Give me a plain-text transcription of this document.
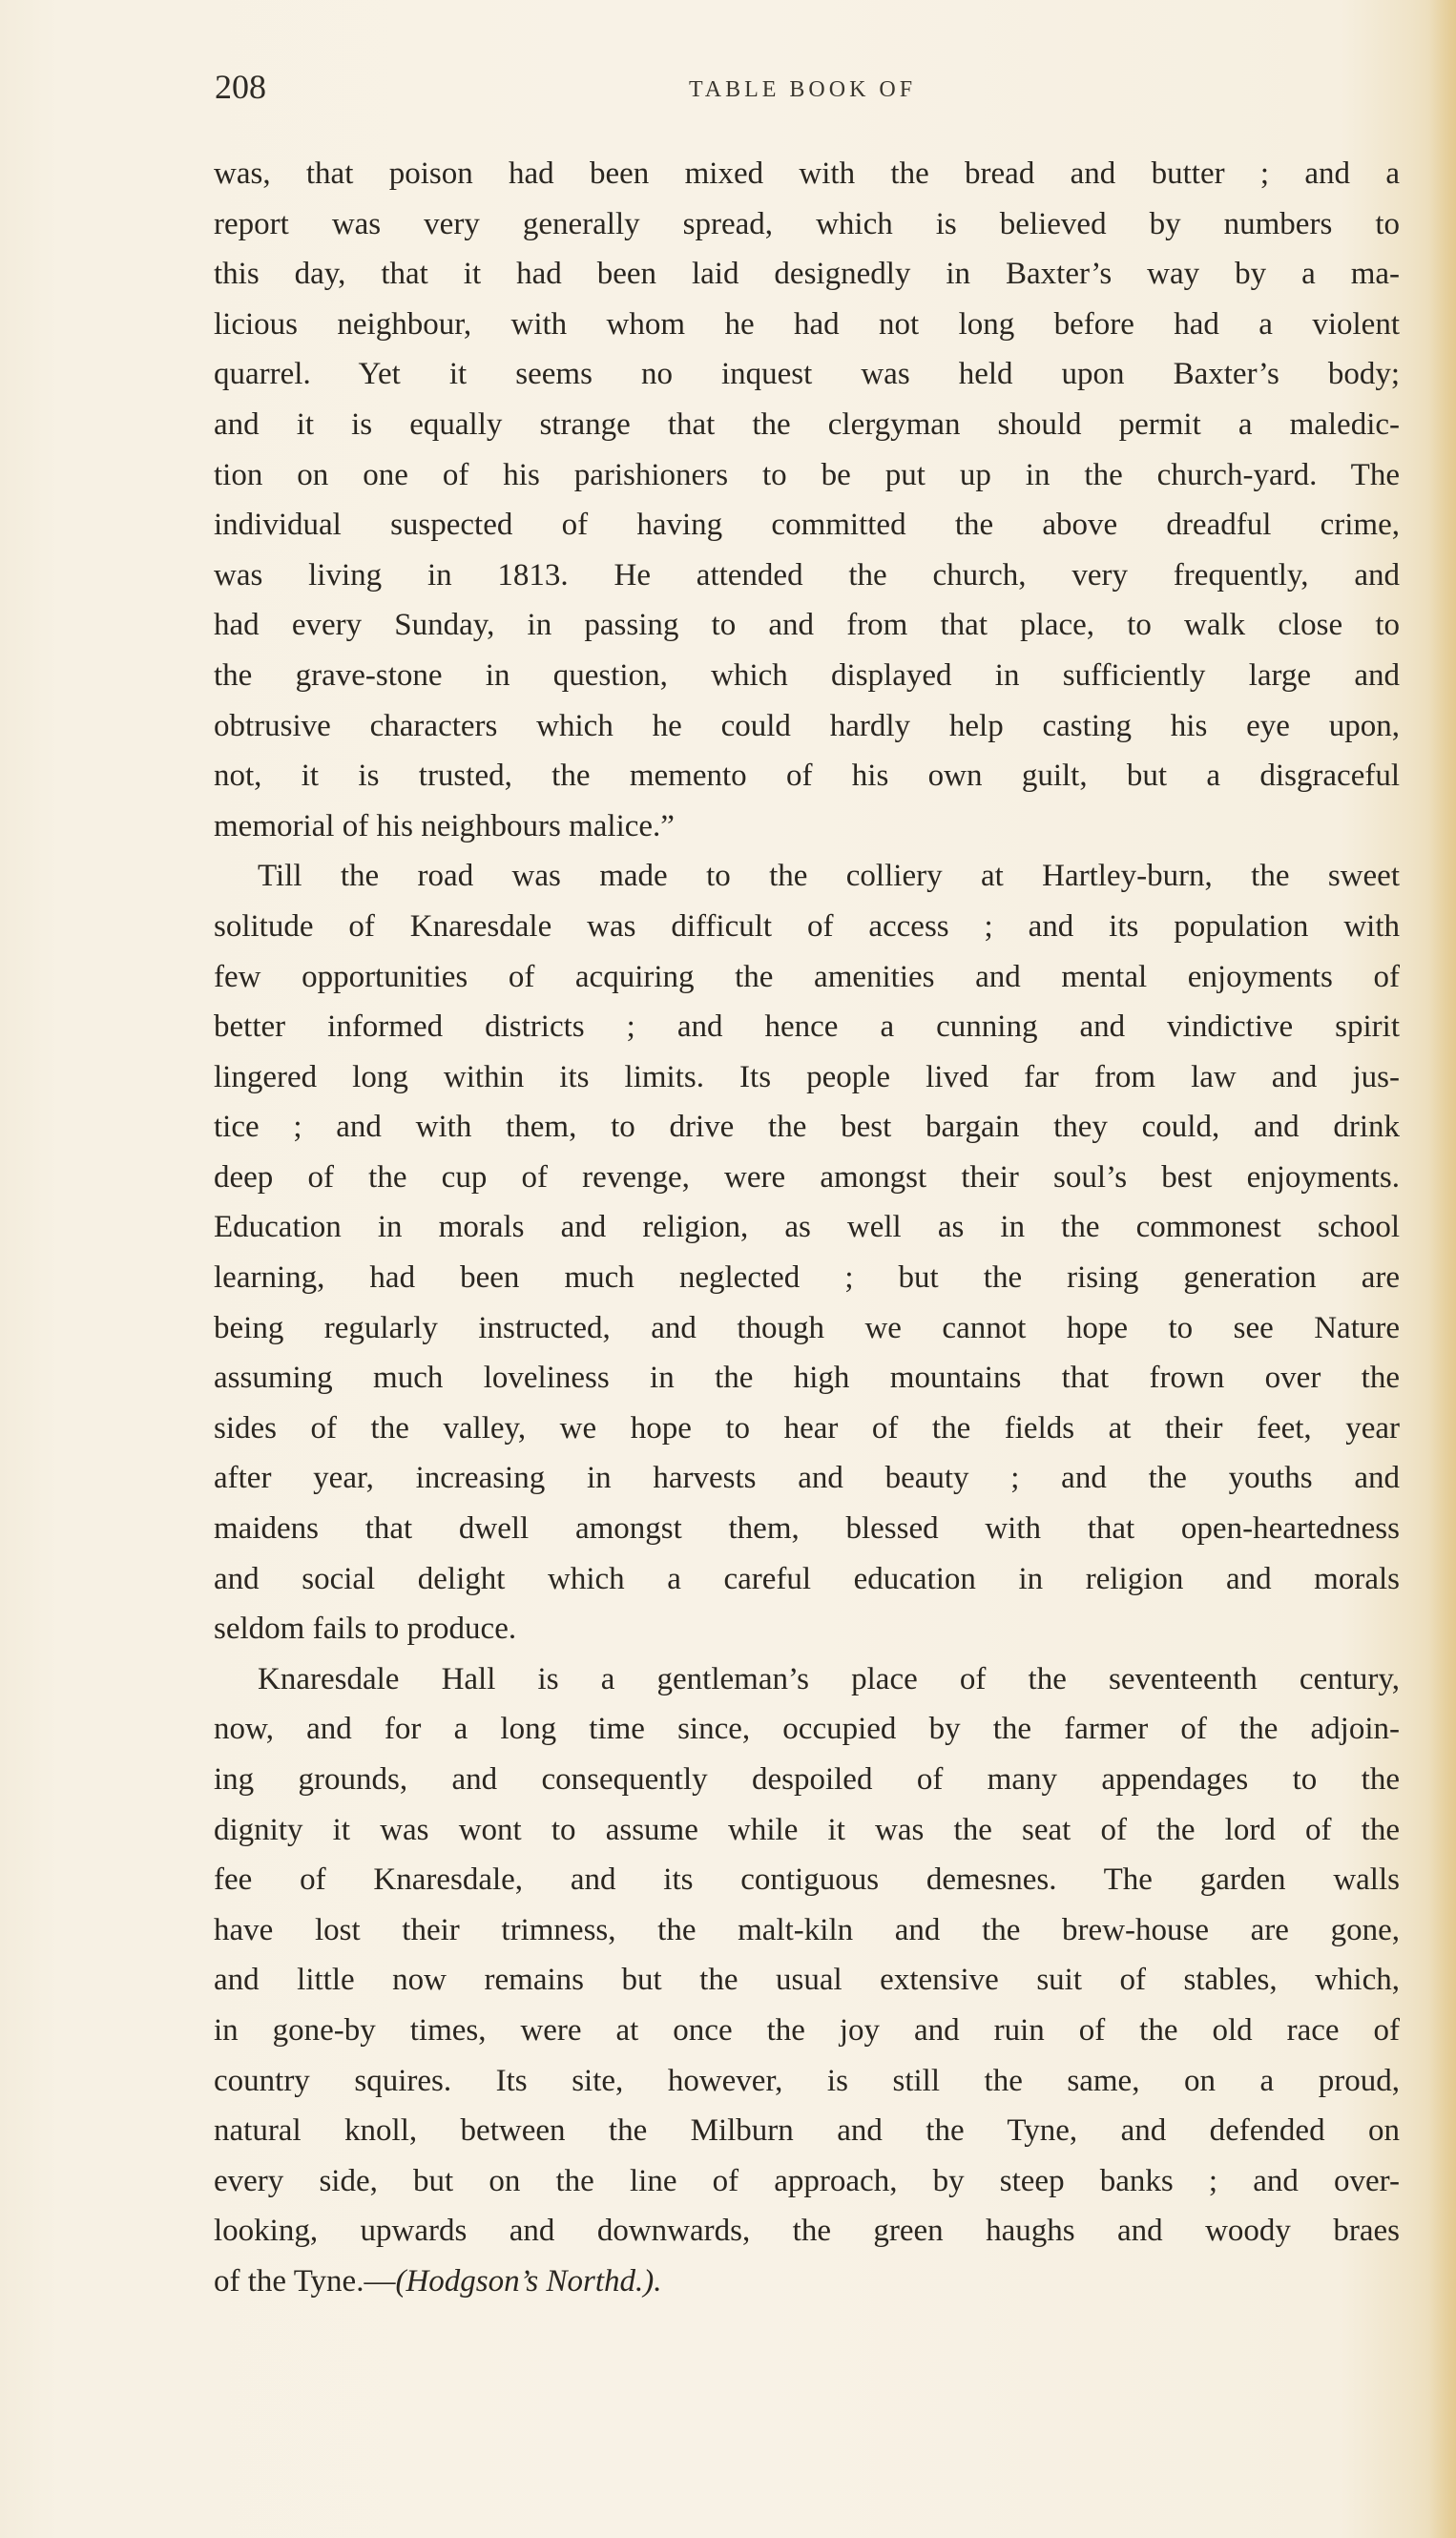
208	TABLE BOOK OF

was, that poison had been mixed with the bread and butter ; and a
report was very generally spread, which is believed by numbers to
this day, that it had been laid designedly in Baxter’s way by a ma-
licious neighbour, with whom he had not long before had a violent
quarrel. Yet it seems no inquest was held upon Baxter’s body;
and it is equally strange that the clergyman should permit a maledic-
tion on one of his parishioners to be put up in the church-yard. The
individual suspected of having committed the above dreadful crime,
was living in 1813. He attended the church, very frequently, and
had every Sunday, in passing to and from that place, to walk close to
the grave-stone in question, which displayed in sufficiently large and
obtrusive characters which he could hardly help casting his eye upon,
not, it is trusted, the memento of his own guilt, but a disgraceful
memorial of his neighbours malice.”

Till the road was made to the colliery at Hartley-burn, the sweet
solitude of Knaresdale was difficult of access ; and its population with
few opportunities of acquiring the amenities and mental enjoyments of
better informed districts ; and hence a cunning and vindictive spirit
lingered long within its limits. Its people lived far from law and jus-
tice ; and with them, to drive the best bargain they could, and drink
deep of the cup of revenge, were amongst their soul’s best enjoyments.
Education in morals and religion, as well as in the commonest school
learning, had been much neglected ; but the rising generation are
being regularly instructed, and though we cannot hope to see Nature
assuming much loveliness in the high mountains that frown over the
sides of the valley, we hope to hear of the fields at their feet, year
after year, increasing in harvests and beauty ; and the youths and
maidens that dwell amongst them, blessed with that open-heartedness
and social delight which a careful education in religion and morals
seldom fails to produce.

Knaresdale Hall is a gentleman’s place of the seventeenth century,
now, and for a long time since, occupied by the farmer of the adjoin-
ing grounds, and consequently despoiled of many appendages to the
dignity it was wont to assume while it was the seat of the lord of the
fee of Knaresdale, and its contiguous demesnes. The garden walls
have lost their trimness, the malt-kiln and the brew-house are gone,
and little now remains but the usual extensive suit of stables, which,
in gone-by times, were at once the joy and ruin of the old race of
country squires. Its site, however, is still the same, on a proud,
natural knoll, between the Milburn and the Tyne, and defended on
every side, but on the line of approach, by steep banks ; and over-
looking, upwards and downwards, the green haughs and woody braes
of the Tyne.—(Hodgson’s Northd.).
